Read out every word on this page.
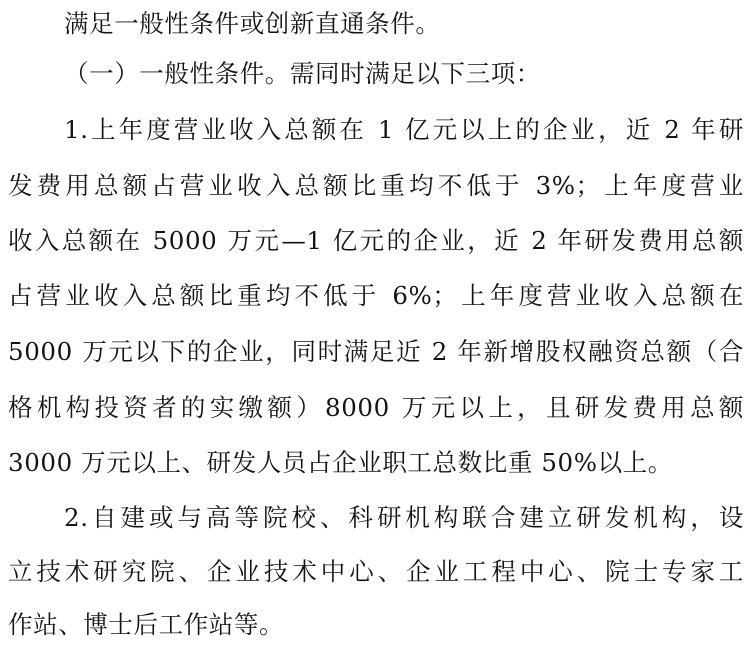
满足一般性条件或创新直通条件。
（一）一般性条件。需同时满足以下三项：
1.上年度营业收入总额在 1 亿元以上的企业，近 2 年研
发费用总额占营业收入总额比重均不低于 3%；上年度营业
收入总额在 5000 万元—1 亿元的企业，近 2 年研发费用总额
占营业收入总额比重均不低于 6%；上年度营业收入总额在
5000 万元以下的企业，同时满足近 2 年新增股权融资总额（合
格机构投资者的实缴额）8000 万元以上，且研发费用总额
3000 万元以上、研发人员占企业职工总数比重 50%以上。
2.自建或与高等院校、科研机构联合建立研发机构，设
立技术研究院、企业技术中心、企业工程中心、院士专家工
作站、博士后工作站等。
